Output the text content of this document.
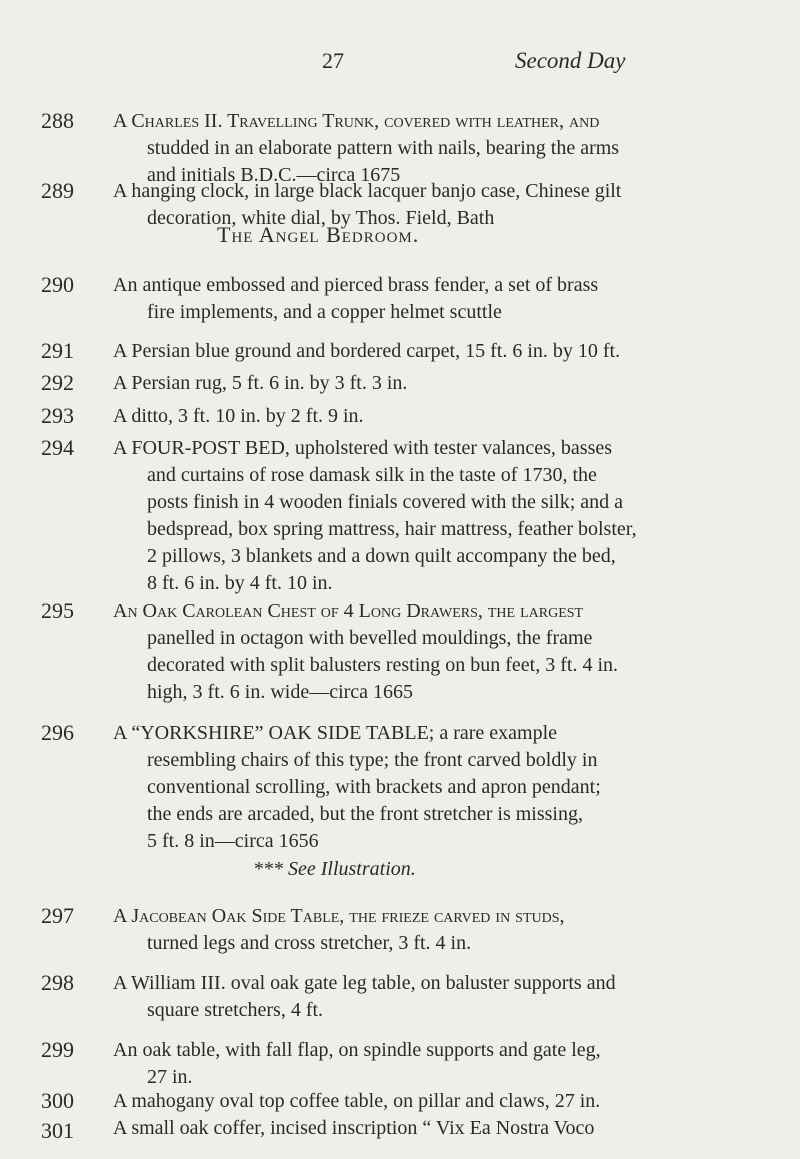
27	Second Day
288 A Charles II. Travelling Trunk, covered with leather, and
studded in an elaborate pattern with nails, bearing the arms
and initials B.D.C.—circa 1675
289 A hanging clock, in large black lacquer banjo case, Chinese gilt
decoration, white dial, by Thos. Field, Bath
The Angel Bedroom.
290 An antique embossed and pierced brass fender, a set of brass
fire implements, and a copper helmet scuttle
291 A Persian blue ground and bordered carpet, 15 ft. 6 in. by 10 ft.
292 A Persian rug, 5 ft. 6 in. by 3 ft. 3 in.
293 A ditto, 3 ft. 10 in. by 2 ft. 9 in.
294 A FOUR-POST BED, upholstered with tester valances, basses
and curtains of rose damask silk in the taste of 1730, the
posts finish in 4 wooden finials covered with the silk; and a
bedspread, box spring mattress, hair mattress, feather bolster,
2 pillows, 3 blankets and a down quilt accompany the bed,
8 ft. 6 in. by 4 ft. 10 in.
295 An Oak Carolean Chest of 4 Long Drawers, the largest
panelled in octagon with bevelled mouldings, the frame
decorated with split balusters resting on bun feet, 3 ft. 4 in.
high, 3 ft. 6 in. wide—circa 1665
296 A “YORKSHIRE” OAK SIDE TABLE; a rare example
resembling chairs of this type; the front carved boldly in
conventional scrolling, with brackets and apron pendant;
the ends are arcaded, but the front stretcher is missing,
5 ft. 8 in—circa 1656
*** See Illustration.
297 A Jacobean Oak Side Table, the frieze carved in studs,
turned legs and cross stretcher, 3 ft. 4 in.
298 A William III. oval oak gate leg table, on baluster supports and
square stretchers, 4 ft.
299 An oak table, with fall flap, on spindle supports and gate leg,
27 in.
300 A mahogany oval top coffee table, on pillar and claws, 27 in.
301 A small oak coffer, incised inscription “ Vix Ea Nostra Voco
